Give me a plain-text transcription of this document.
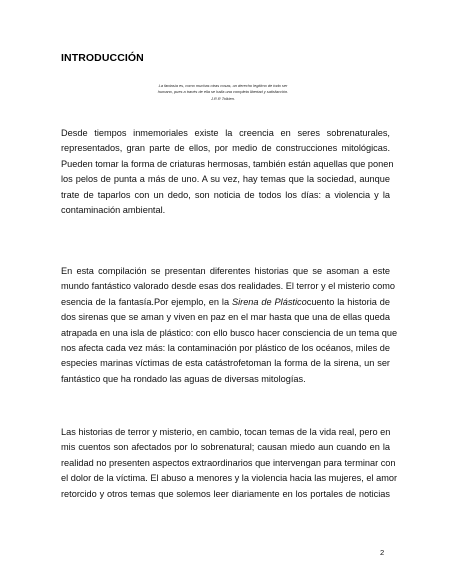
INTRODUCCIÓN
La fantasía es, como muchas otras cosas, un derecho legítimo de todo ser
humano, pues a través de ella se halla una completa libertad y satisfacción.
J.R.R Tolkien.

Desde tiempos inmemoriales existe la creencia en seres sobrenaturales,
representados, gran parte de ellos, por medio de construcciones mitológicas.
Pueden tomar la forma de criaturas hermosas, también están aquellas que ponen
los pelos de punta a más de uno. A su vez, hay temas que la sociedad, aunque
trate de taparlos con un dedo, son noticia de todos los días: a violencia y la
contaminación ambiental.

En esta compilación se presentan diferentes historias que se asoman a este
mundo fantástico valorado desde esas dos realidades. El terror y el misterio como
esencia de la fantasía.Por ejemplo, en la Sirena de Plásticocuento la historia de
dos sirenas que se aman y viven en paz en el mar hasta que una de ellas queda
atrapada en una isla de plástico: con ello busco hacer consciencia de un tema que
nos afecta cada vez más: la contaminación por plástico de los océanos, miles de
especies marinas víctimas de esta catástrofetoman la forma de la sirena, un ser
fantástico que ha rondado las aguas de diversas mitologías.

Las historias de terror y misterio, en cambio, tocan temas de la vida real, pero en
mis cuentos son afectados por lo sobrenatural; causan miedo aun cuando en la
realidad no presenten aspectos extraordinarios que intervengan para terminar con
el dolor de la víctima. El abuso a menores y la violencia hacia las mujeres, el amor
retorcido y otros temas que solemos leer diariamente en los portales de noticias

2
